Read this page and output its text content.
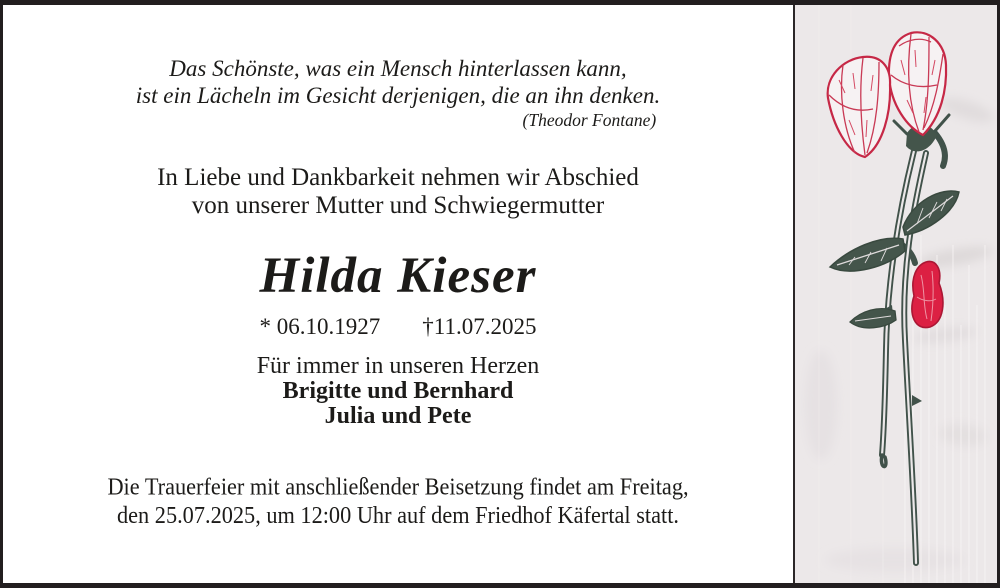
Das Schönste, was ein Mensch hinterlassen kann,
ist ein Lächeln im Gesicht derjenigen, die an ihn denken.
(Theodor Fontane)
In Liebe und Dankbarkeit nehmen wir Abschied
von unserer Mutter und Schwiegermutter
Hilda Kieser
* 06.10.1927 †11.07.2025
Für immer in unseren Herzen
Brigitte und Bernhard
Julia und Pete
Die Trauerfeier mit anschließender Beisetzung findet am Freitag,
den 25.07.2025, um 12:00 Uhr auf dem Friedhof Käfertal statt.
